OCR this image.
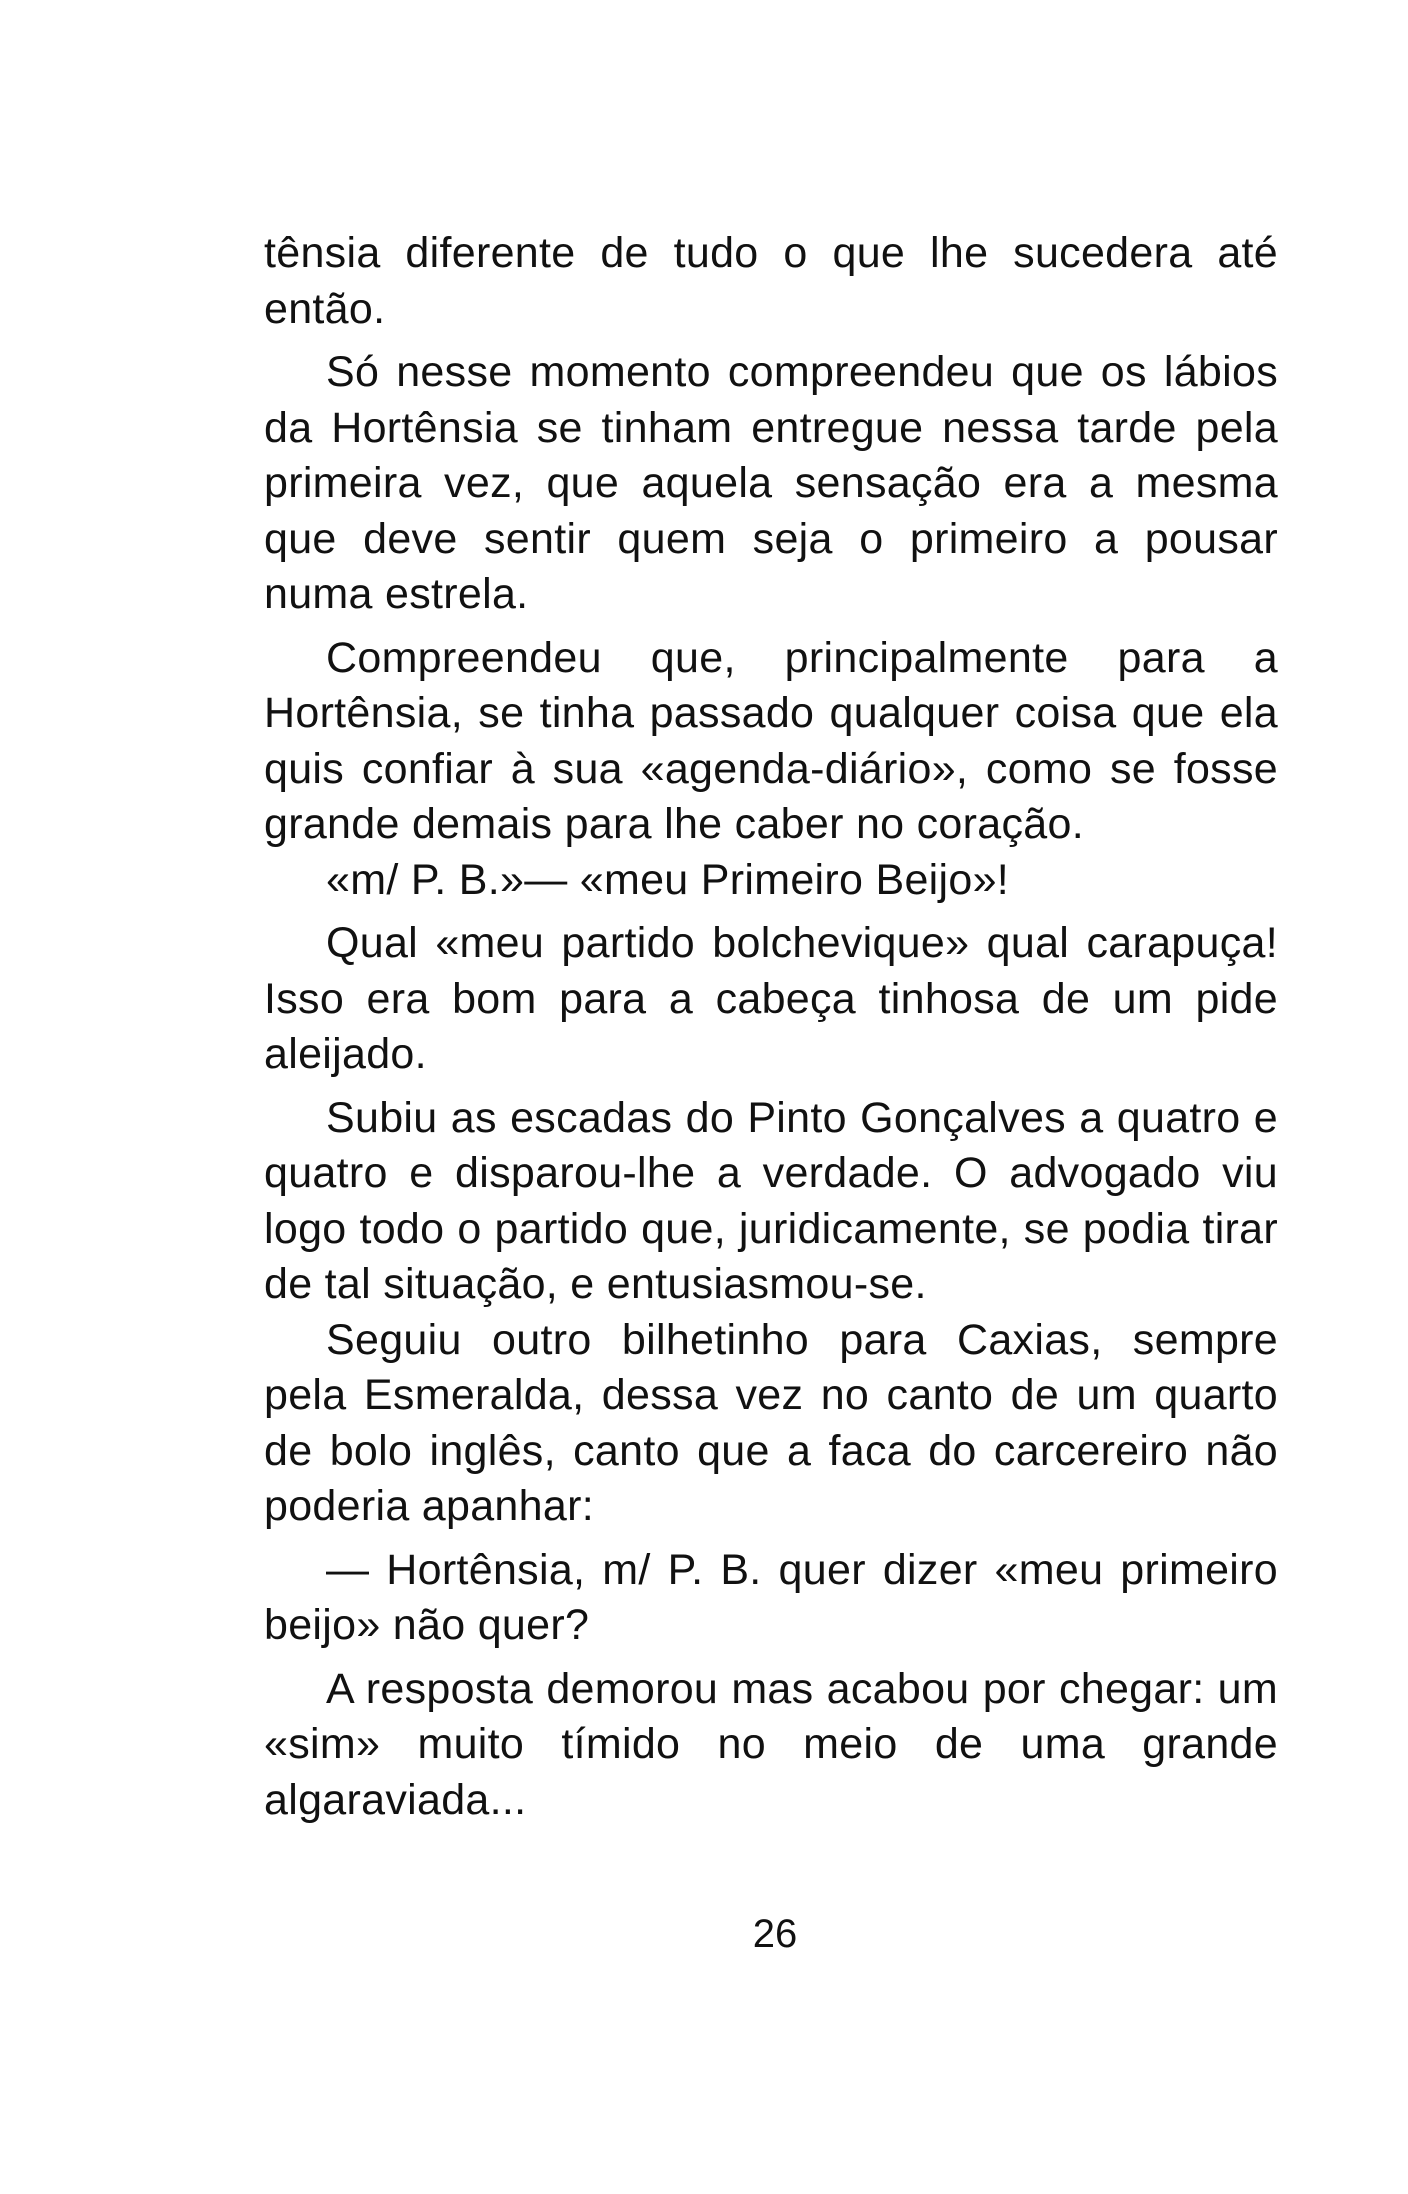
tênsia diferente de tudo o que lhe sucedera até então.

Só nesse momento compreendeu que os lábios da Hortênsia se tinham entregue nessa tarde pela primeira vez, que aquela sensação era a mesma que deve sentir quem seja o primeiro a pousar numa estrela.

Compreendeu que, principalmente para a Hortênsia, se tinha passado qualquer coisa que ela quis confiar à sua «agenda-diário», como se fosse grande demais para lhe caber no coração.

«m/ P. B.»— «meu Primeiro Beijo»!

Qual «meu partido bolchevique» qual carapuça! Isso era bom para a cabeça tinhosa de um pide aleijado.

Subiu as escadas do Pinto Gonçalves a quatro e quatro e disparou-lhe a verdade. O advogado viu logo todo o partido que, juridicamente, se podia tirar de tal situação, e entusiasmou-se.

Seguiu outro bilhetinho para Caxias, sempre pela Esmeralda, dessa vez no canto de um quarto de bolo inglês, canto que a faca do carcereiro não poderia apanhar:

— Hortênsia, m/ P. B. quer dizer «meu primeiro beijo» não quer?

A resposta demorou mas acabou por chegar: um «sim» muito tímido no meio de uma grande algaraviada...

26
